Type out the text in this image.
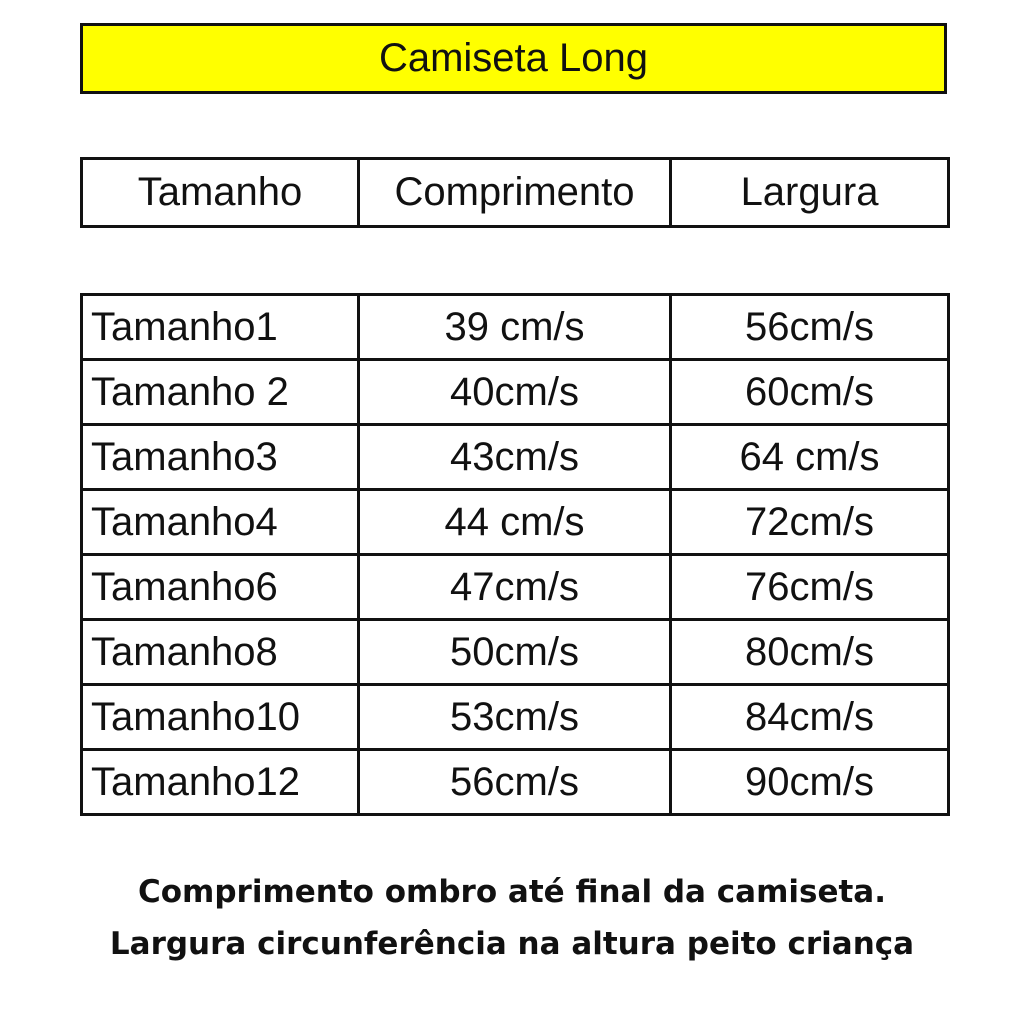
Camiseta Long
Tamanho	Comprimento	Largura
Tamanho1	39 cm/s	56cm/s
Tamanho 2	40cm/s	60cm/s
Tamanho3	43cm/s	64 cm/s
Tamanho4	44 cm/s	72cm/s
Tamanho6	47cm/s	76cm/s
Tamanho8	50cm/s	80cm/s
Tamanho10	53cm/s	84cm/s
Tamanho12	56cm/s	90cm/s
Comprimento ombro até final da camiseta.
Largura circunferência na altura peito criança
